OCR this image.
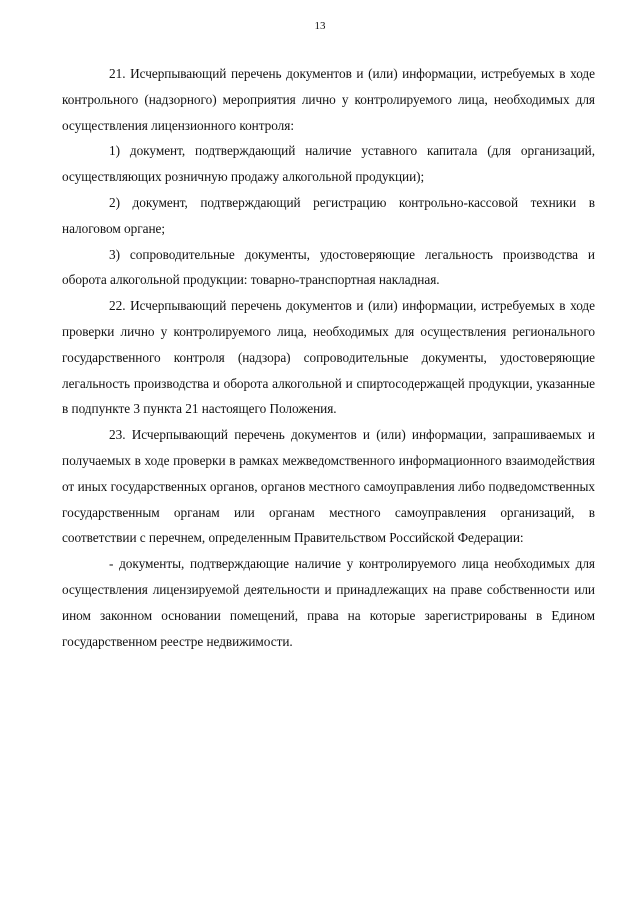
13

21. Исчерпывающий перечень документов и (или) информации, истребуемых в ходе контрольного (надзорного) мероприятия лично у контролируемого лица, необходимых для осуществления лицензионного контроля:

1) документ, подтверждающий наличие уставного капитала (для организаций, осуществляющих розничную продажу алкогольной продукции);

2) документ, подтверждающий регистрацию контрольно-кассовой техники в налоговом органе;

3) сопроводительные документы, удостоверяющие легальность производства и оборота алкогольной продукции: товарно-транспортная накладная.

22. Исчерпывающий перечень документов и (или) информации, истребуемых в ходе проверки лично у контролируемого лица, необходимых для осуществления регионального государственного контроля (надзора) сопроводительные документы, удостоверяющие легальность производства и оборота алкогольной и спиртосодержащей продукции, указанные в подпункте 3 пункта 21 настоящего Положения.

23. Исчерпывающий перечень документов и (или) информации, запрашиваемых и получаемых в ходе проверки в рамках межведомственного информационного взаимодействия от иных государственных органов, органов местного самоуправления либо подведомственных государственным органам или органам местного самоуправления организаций, в соответствии с перечнем, определенным Правительством Российской Федерации:

- документы, подтверждающие наличие у контролируемого лица необходимых для осуществления лицензируемой деятельности и принадлежащих на праве собственности или ином законном основании помещений, права на которые зарегистрированы в Едином государственном реестре недвижимости.
